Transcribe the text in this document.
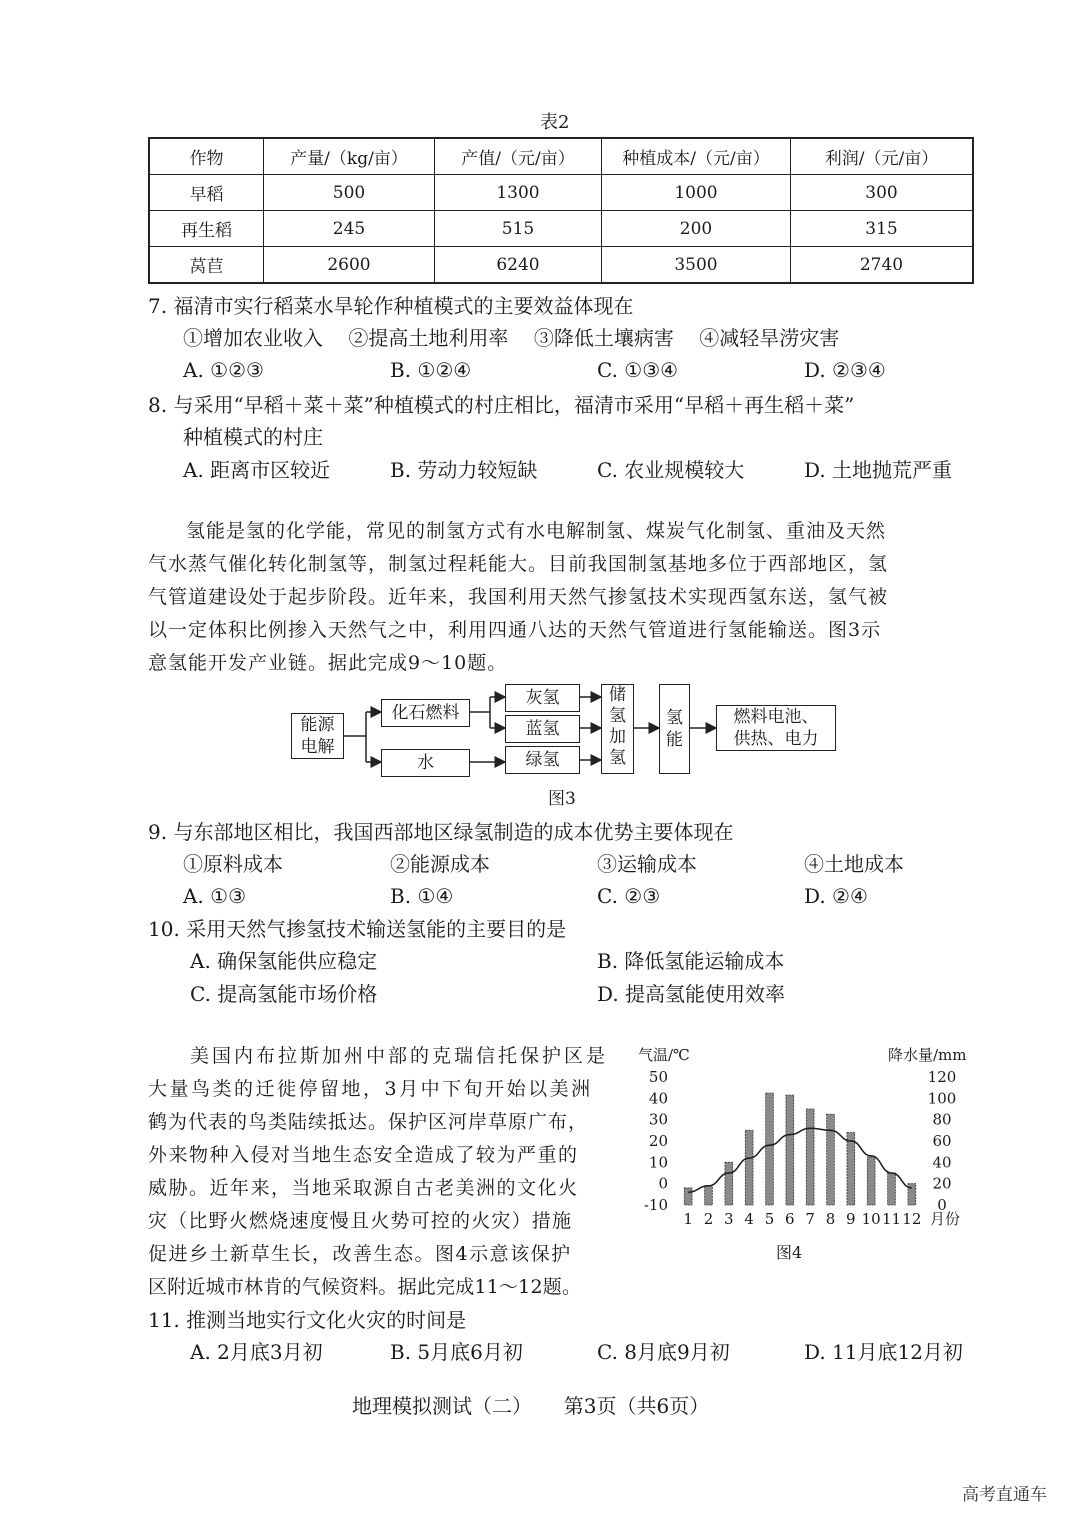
表2
作物	产量/（kg/亩）	产值/（元/亩）	种植成本/（元/亩）	利润/（元/亩）
早稻	500	1300	1000	300
再生稻	245	515	200	315
莴苣	2600	6240	3500	2740
7. 福清市实行稻菜水旱轮作种植模式的主要效益体现在
①增加农业收入    ②提高土地利用率    ③降低土壤病害    ④减轻旱涝灾害
A. ①②③	B. ①②④	C. ①③④	D. ②③④
8. 与采用“早稻＋菜＋菜”种植模式的村庄相比，福清市采用“早稻＋再生稻＋菜”
种植模式的村庄
A. 距离市区较近	B. 劳动力较短缺	C. 农业规模较大	D. 土地抛荒严重
氢能是氢的化学能，常见的制氢方式有水电解制氢、煤炭气化制氢、重油及天然
气水蒸气催化转化制氢等，制氢过程耗能大。目前我国制氢基地多位于西部地区，氢
气管道建设处于起步阶段。近年来，我国利用天然气掺氢技术实现西氢东送，氢气被
以一定体积比例掺入天然气之中，利用四通八达的天然气管道进行氢能输送。图3示
意氢能开发产业链。据此完成9～10题。
能源
电解
化石燃料
水
灰氢
蓝氢
绿氢
储
氢
加
氢
氢
能
燃料电池、
供热、电力
图3
9. 与东部地区相比，我国西部地区绿氢制造的成本优势主要体现在
①原料成本	②能源成本	③运输成本	④土地成本
A. ①③	B. ①④	C. ②③	D. ②④
10. 采用天然气掺氢技术输送氢能的主要目的是
A. 确保氢能供应稳定	B. 降低氢能运输成本
C. 提高氢能市场价格	D. 提高氢能使用效率
美国内布拉斯加州中部的克瑞信托保护区是
大量鸟类的迁徙停留地，3月中下旬开始以美洲
鹤为代表的鸟类陆续抵达。保护区河岸草原广布，
外来物种入侵对当地生态安全造成了较为严重的
威胁。近年来，当地采取源自古老美洲的文化火
灾（比野火燃烧速度慢且火势可控的火灾）措施
促进乡土新草生长，改善生态。图4示意该保护
区附近城市林肯的气候资料。据此完成11～12题。
气温/℃	降水量/mm
50
40
30
20
10
0
-10
120
100
80
60
40
20
0
1 2 3 4 5 6 7 8 9 10 11 12 月份
图4
11. 推测当地实行文化火灾的时间是
A. 2月底3月初	B. 5月底6月初	C. 8月底9月初	D. 11月底12月初
地理模拟测试（二）     第3页（共6页）
高考直通车
